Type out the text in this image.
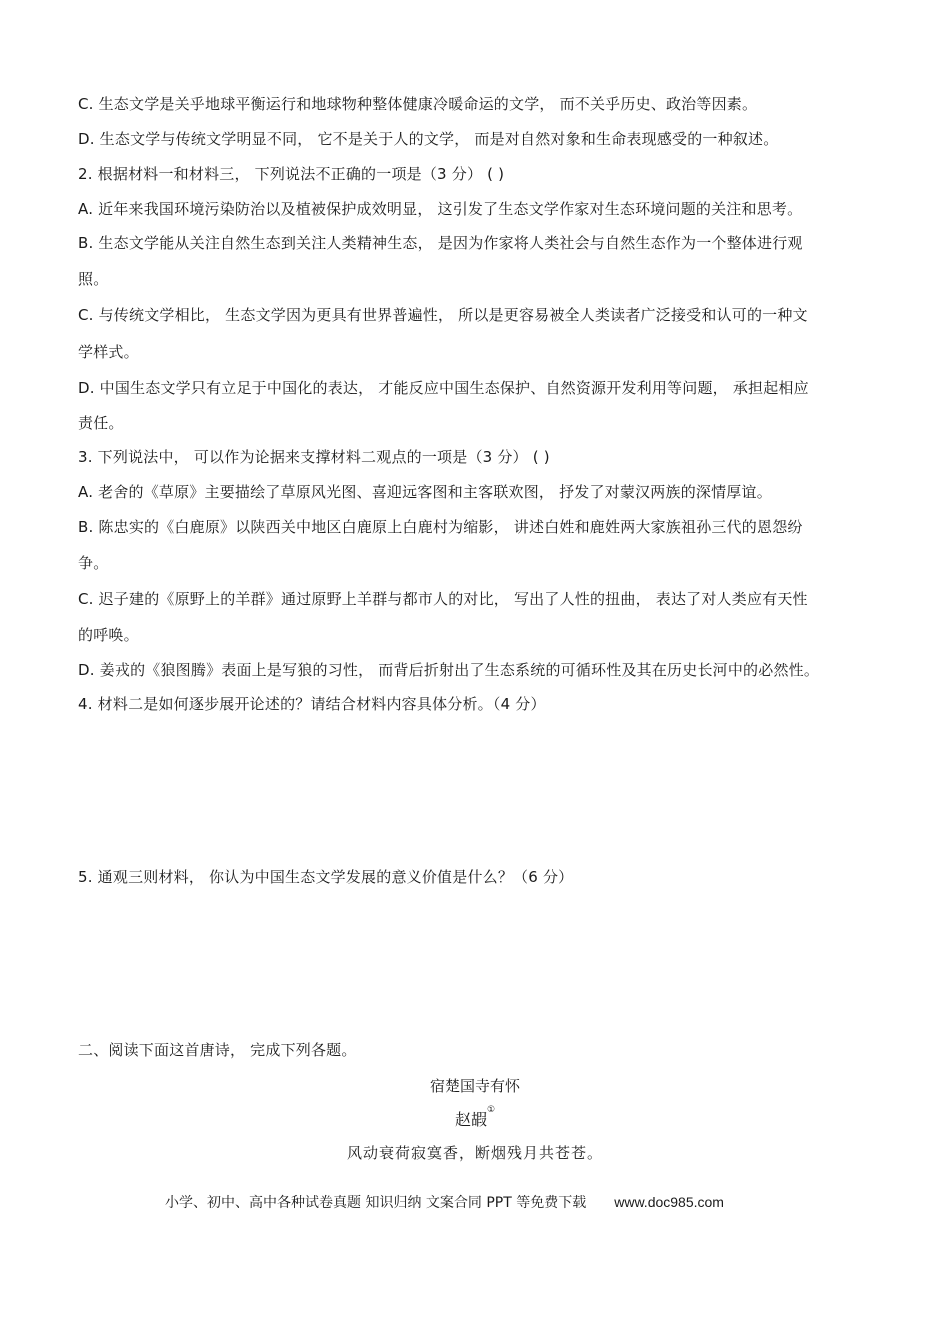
C. 生态文学是关乎地球平衡运行和地球物种整体健康冷暖命运的文学， 而不关乎历史、政治等因素。
D. 生态文学与传统文学明显不同， 它不是关于人的文学， 而是对自然对象和生命表现感受的一种叙述。
2. 根据材料一和材料三， 下列说法不正确的一项是（3 分） ( )
A. 近年来我国环境污染防治以及植被保护成效明显， 这引发了生态文学作家对生态环境问题的关注和思考。
B. 生态文学能从关注自然生态到关注人类精神生态， 是因为作家将人类社会与自然生态作为一个整体进行观
照。
C. 与传统文学相比， 生态文学因为更具有世界普遍性， 所以是更容易被全人类读者广泛接受和认可的一种文
学样式。
D. 中国生态文学只有立足于中国化的表达， 才能反应中国生态保护、自然资源开发利用等问题， 承担起相应
责任。
3. 下列说法中， 可以作为论据来支撑材料二观点的一项是（3 分） ( )
A. 老舍的《草原》主要描绘了草原风光图、喜迎远客图和主客联欢图， 抒发了对蒙汉两族的深情厚谊。
B. 陈忠实的《白鹿原》以陕西关中地区白鹿原上白鹿村为缩影， 讲述白姓和鹿姓两大家族祖孙三代的恩怨纷
争。
C. 迟子建的《原野上的羊群》通过原野上羊群与都市人的对比， 写出了人性的扭曲， 表达了对人类应有天性
的呼唤。
D. 姜戎的《狼图腾》表面上是写狼的习性， 而背后折射出了生态系统的可循环性及其在历史长河中的必然性。
4. 材料二是如何逐步展开论述的？请结合材料内容具体分析。（4 分）
5. 通观三则材料， 你认为中国生态文学发展的意义价值是什么？（6 分）
二、阅读下面这首唐诗， 完成下列各题。
宿楚国寺有怀
赵嘏①
风动衰荷寂寞香，断烟残月共苍苍。
小学、初中、高中各种试卷真题 知识归纳 文案合同 PPT 等免费下载 www.doc985.com
